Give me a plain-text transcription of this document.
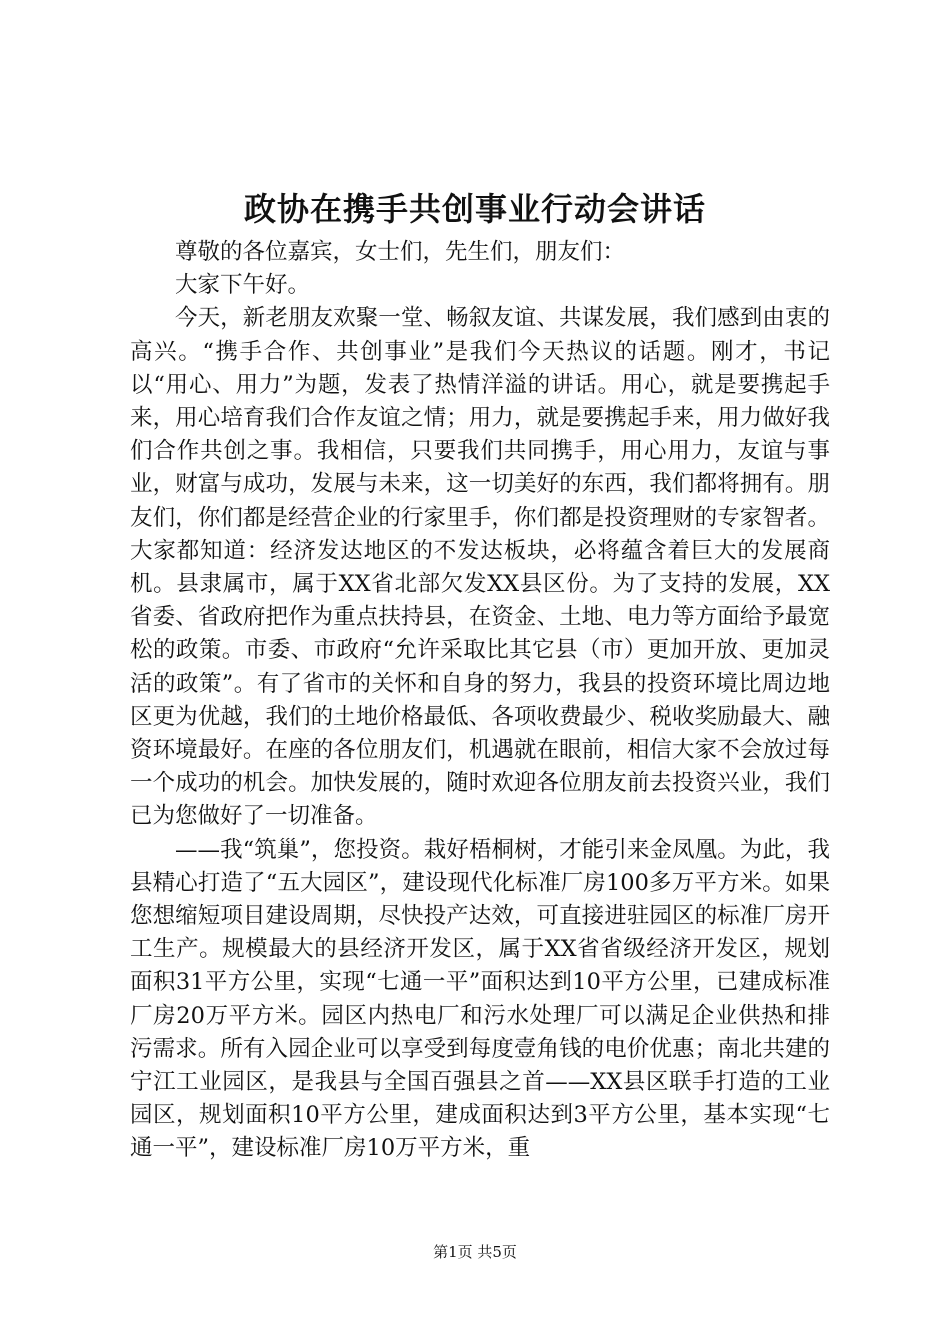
政协在携手共创事业行动会讲话

尊敬的各位嘉宾，女士们，先生们，朋友们：

大家下午好。

今天，新老朋友欢聚一堂、畅叙友谊、共谋发展，我们感到由衷的高兴。“携手合作、共创事业”是我们今天热议的话题。刚才，书记以“用心、用力”为题，发表了热情洋溢的讲话。用心，就是要携起手来，用心培育我们合作友谊之情；用力，就是要携起手来，用力做好我们合作共创之事。我相信，只要我们共同携手，用心用力，友谊与事业，财富与成功，发展与未来，这一切美好的东西，我们都将拥有。朋友们，你们都是经营企业的行家里手，你们都是投资理财的专家智者。大家都知道：经济发达地区的不发达板块，必将蕴含着巨大的发展商机。县隶属市，属于XX省北部欠发XX县区份。为了支持的发展，XX省委、省政府把作为重点扶持县，在资金、土地、电力等方面给予最宽松的政策。市委、市政府“允许采取比其它县（市）更加开放、更加灵活的政策”。有了省市的关怀和自身的努力，我县的投资环境比周边地区更为优越，我们的土地价格最低、各项收费最少、税收奖励最大、融资环境最好。在座的各位朋友们，机遇就在眼前，相信大家不会放过每一个成功的机会。加快发展的，随时欢迎各位朋友前去投资兴业，我们已为您做好了一切准备。

——我“筑巢”，您投资。栽好梧桐树，才能引来金凤凰。为此，我县精心打造了“五大园区”，建设现代化标准厂房100多万平方米。如果您想缩短项目建设周期，尽快投产达效，可直接进驻园区的标准厂房开工生产。规模最大的县经济开发区，属于XX省省级经济开发区，规划面积31平方公里，实现“七通一平”面积达到10平方公里，已建成标准厂房20万平方米。园区内热电厂和污水处理厂可以满足企业供热和排污需求。所有入园企业可以享受到每度壹角钱的电价优惠；南北共建的宁江工业园区，是我县与全国百强县之首——XX县区联手打造的工业园区，规划面积10平方公里，建成面积达到3平方公里，基本实现“七通一平”，建设标准厂房10万平方米，重

第1页 共5页
